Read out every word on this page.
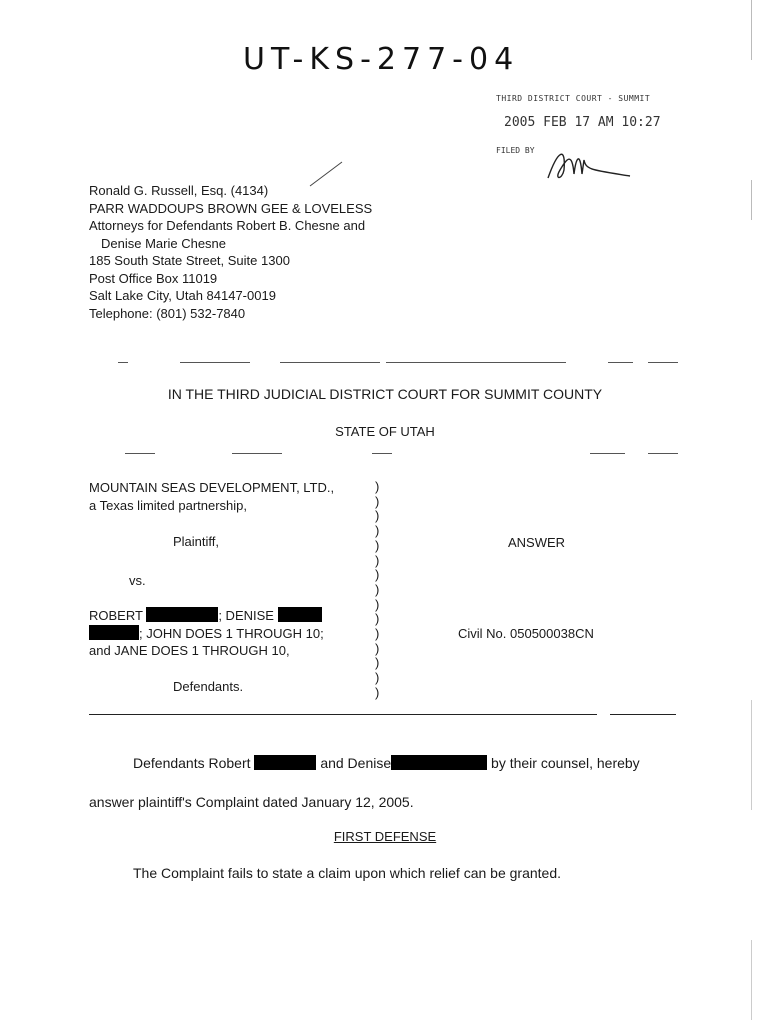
UT-KS-277-04
THIRD DISTRICT COURT - SUMMIT
2005 FEB 17 AM 10:27
FILED BY
Ronald G. Russell, Esq. (4134)
PARR WADDOUPS BROWN GEE & LOVELESS
Attorneys for Defendants Robert B. Chesne and
Denise Marie Chesne
185 South State Street, Suite 1300
Post Office Box 11019
Salt Lake City, Utah 84147-0019
Telephone: (801) 532-7840
IN THE THIRD JUDICIAL DISTRICT COURT FOR SUMMIT COUNTY
STATE OF UTAH
MOUNTAIN SEAS DEVELOPMENT, LTD.,
a Texas limited partnership,
Plaintiff,
vs.
ROBERT	; DENISE
; JOHN DOES 1 THROUGH 10;
and JANE DOES 1 THROUGH 10,
Defendants.
)
)
)
)
)
)
)
)
)
)
)
)
)
)
)
ANSWER
Civil No. 050500038CN
Defendants Robert	and Denise	by their counsel, hereby
answer plaintiff's Complaint dated January 12, 2005.
FIRST DEFENSE
The Complaint fails to state a claim upon which relief can be granted.
